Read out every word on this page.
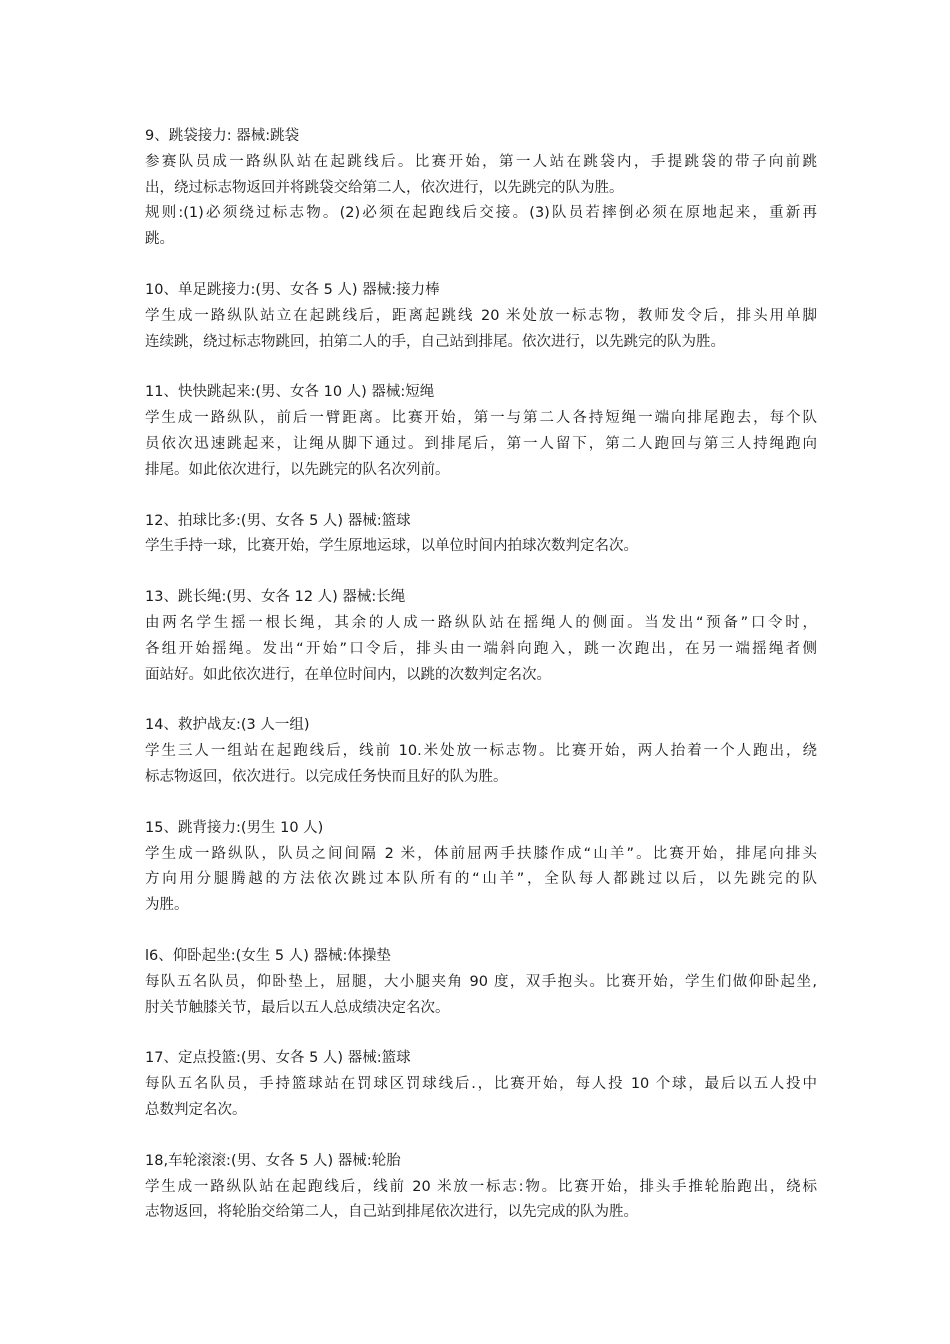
9、跳袋接力: 器械:跳袋
参赛队员成一路纵队站在起跳线后。比赛开始，第一人站在跳袋内，手提跳袋的带子向前跳
出，绕过标志物返回并将跳袋交给第二人，依次进行，以先跳完的队为胜。
规则:(1)必须绕过标志物。(2)必须在起跑线后交接。(3)队员若摔倒必须在原地起来，重新再
跳。
10、单足跳接力:(男、女各 5 人) 器械:接力棒
学生成一路纵队站立在起跳线后，距离起跳线 20 米处放一标志物，教师发令后，排头用单脚
连续跳，绕过标志物跳回，拍第二人的手，自己站到排尾。依次进行，以先跳完的队为胜。
11、快快跳起来:(男、女各 10 人) 器械:短绳
学生成一路纵队，前后一臂距离。比赛开始，第一与第二人各持短绳一端向排尾跑去，每个队
员依次迅速跳起来，让绳从脚下通过。到排尾后，第一人留下，第二人跑回与第三人持绳跑向
排尾。如此依次进行，以先跳完的队名次列前。
12、拍球比多:(男、女各 5 人) 器械:篮球
学生手持一球，比赛开始，学生原地运球，以单位时间内拍球次数判定名次。
13、跳长绳:(男、女各 12 人) 器械:长绳
由两名学生摇一根长绳，其余的人成一路纵队站在摇绳人的侧面。当发出“预备”口令时，
各组开始摇绳。发出“开始”口令后，排头由一端斜向跑入，跳一次跑出，在另一端摇绳者侧
面站好。如此依次进行，在单位时间内，以跳的次数判定名次。
14、救护战友:(3 人一组)
学生三人一组站在起跑线后，线前 10.米处放一标志物。比赛开始，两人抬着一个人跑出，绕
标志物返回，依次进行。以完成任务快而且好的队为胜。
15、跳背接力:(男生 10 人)
学生成一路纵队，队员之间间隔 2 米，体前屈两手扶膝作成“山羊”。比赛开始，排尾向排头
方向用分腿腾越的方法依次跳过本队所有的“山羊”，全队每人都跳过以后，以先跳完的队
为胜。
l6、仰卧起坐:(女生 5 人) 器械:体操垫
每队五名队员，仰卧垫上，屈腿，大小腿夹角 90 度，双手抱头。比赛开始，学生们做仰卧起坐,
肘关节触膝关节，最后以五人总成绩决定名次。
17、定点投篮:(男、女各 5 人) 器械:篮球
每队五名队员，手持篮球站在罚球区罚球线后.，比赛开始，每人投 10 个球，最后以五人投中
总数判定名次。
18,车轮滚滚:(男、女各 5 人) 器械:轮胎
学生成一路纵队站在起跑线后，线前 20 米放一标志:物。比赛开始，排头手推轮胎跑出，绕标
志物返回，将轮胎交给第二人，自己站到排尾依次进行，以先完成的队为胜。
